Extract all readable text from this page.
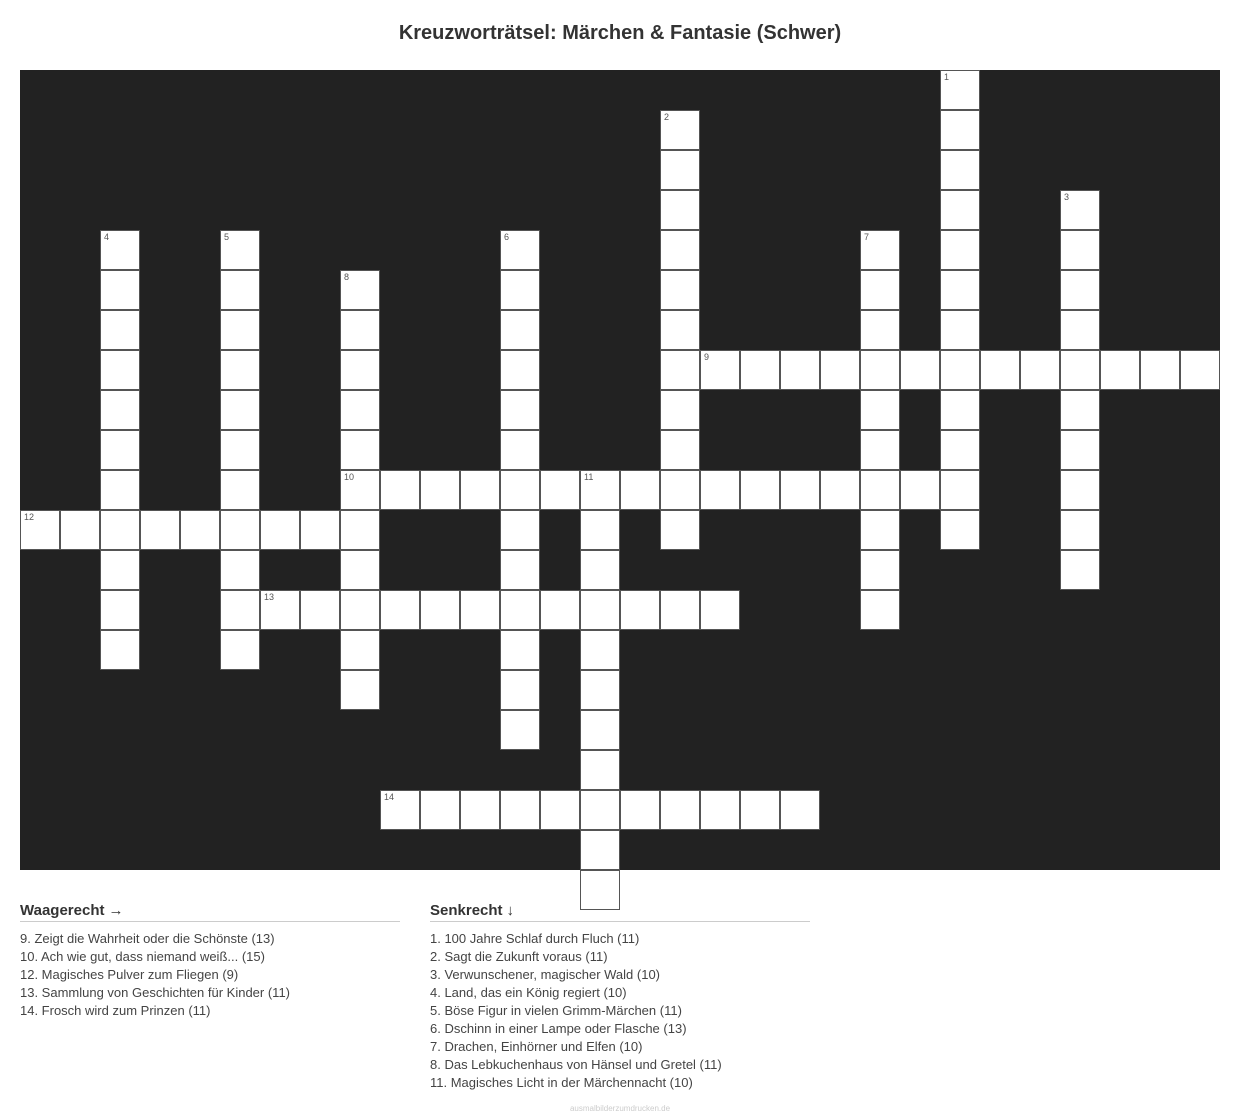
Kreuzworträtsel: Märchen & Fantasie (Schwer)
1
2
3
4	5	6	7
8
10
9
11
12
13
14
Waagerecht →
9. Zeigt die Wahrheit oder die Schönste (13)
10. Ach wie gut, dass niemand weiß... (15)
12. Magisches Pulver zum Fliegen (9)
13. Sammlung von Geschichten für Kinder (11)
14. Frosch wird zum Prinzen (11)
Senkrecht ↓
1. 100 Jahre Schlaf durch Fluch (11)
2. Sagt die Zukunft voraus (11)
3. Verwunschener, magischer Wald (10)
4. Land, das ein König regiert (10)
5. Böse Figur in vielen Grimm-Märchen (11)
6. Dschinn in einer Lampe oder Flasche (13)
7. Drachen, Einhörner und Elfen (10)
8. Das Lebkuchenhaus von Hänsel und Gretel (11)
11. Magisches Licht in der Märchennacht (10)
ausmalbilderzumdrucken.de
